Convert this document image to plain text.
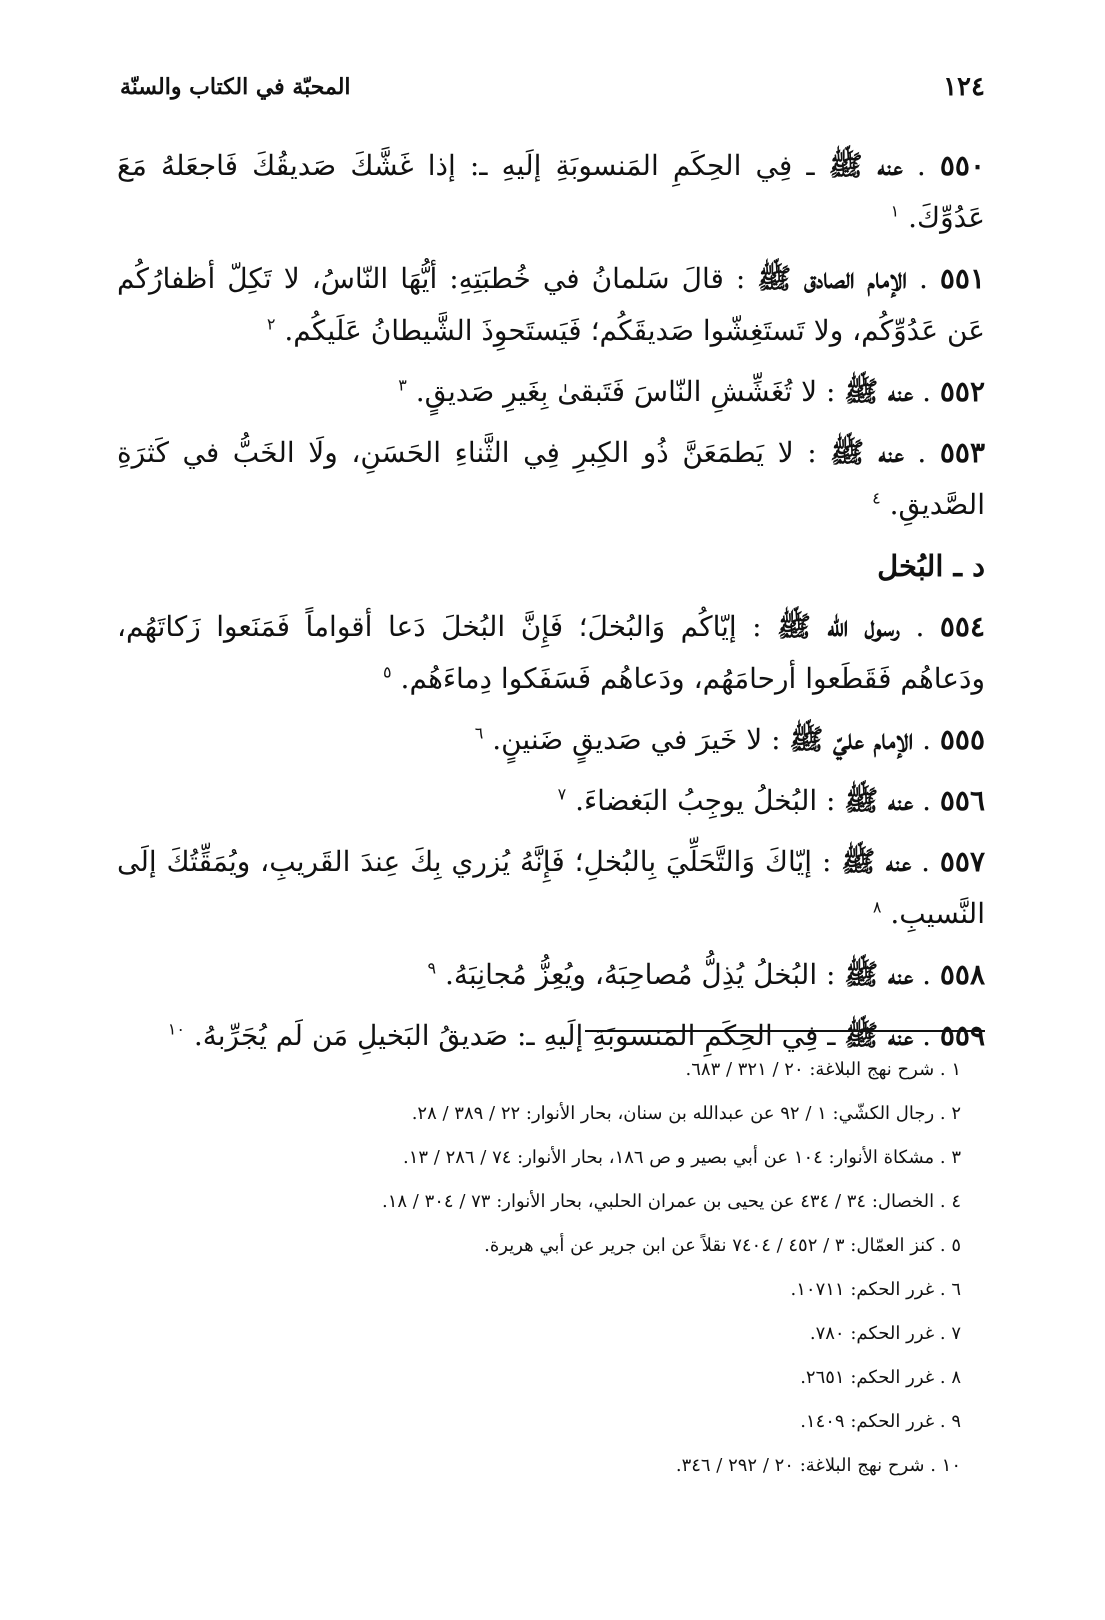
١٢٤
المحبّة في الكتاب والسنّة

٥٥٠ . عنه ﷺ ـ فِي الحِكَمِ المَنسوبَةِ إلَيهِ ـ: إذا غَشَّكَ صَديقُكَ فَاجعَلهُ مَعَ عَدُوِّكَ. $^١$

٥٥١ . الإمام الصادق ﷺ : قالَ سَلمانُ في خُطبَتِهِ: أيُّهَا النّاسُ، لا تَكِلّ أظفارُكُم عَن عَدُوِّكُم، ولا تَستَغِشّوا صَديقَكُم؛ فَيَستَحوِذَ الشَّيطانُ عَلَيكُم. $^٢$

٥٥٢ . عنه ﷺ : لا تُغَشِّشِ النّاسَ فَتَبقىٰ بِغَيرِ صَديقٍ. $^٣$

٥٥٣ . عنه ﷺ : لا يَطمَعَنَّ ذُو الكِبرِ فِي الثَّناءِ الحَسَنِ، ولَا الخَبُّ في كَثرَةِ الصَّديقِ. $^٤$

د ـ البُخل

٥٥٤ . رسول الله ﷺ : إيّاكُم وَالبُخلَ؛ فَإِنَّ البُخلَ دَعا أقواماً فَمَنَعوا زَكاتَهُم، ودَعاهُم فَقَطَعوا أرحامَهُم، ودَعاهُم فَسَفَكوا دِماءَهُم. $^٥$

٥٥٥ . الإمام عليّ ﷺ : لا خَيرَ في صَديقٍ ضَنينٍ. $^٦$

٥٥٦ . عنه ﷺ : البُخلُ يوجِبُ البَغضاءَ. $^٧$

٥٥٧ . عنه ﷺ : إيّاكَ وَالتَّحَلِّيَ بِالبُخلِ؛ فَإِنَّهُ يُزري بِكَ عِندَ القَريبِ، ويُمَقِّتُكَ إلَى النَّسيبِ. $^٨$

٥٥٨ . عنه ﷺ : البُخلُ يُذِلُّ مُصاحِبَهُ، ويُعِزُّ مُجانِبَهُ. $^٩$

٥٥٩ . عنه ﷺ ـ فِي الحِكَمِ المَنسوبَةِ إلَيهِ ـ: صَديقُ البَخيلِ مَن لَم يُجَرِّبهُ. $^{١٠}$

١ . شرح نهج البلاغة: ٢٠ / ٣٢١ / ٦٨٣.

٢ . رجال الكشّي: ١ / ٩٢ عن عبدالله بن سنان، بحار الأنوار: ٢٢ / ٣٨٩ / ٢٨.

٣ . مشكاة الأنوار: ١٠٤ عن أبي بصير و ص ١٨٦، بحار الأنوار: ٧٤ / ٢٨٦ / ١٣.

٤ . الخصال: ٣٤ / ٤٣٤ عن يحيى بن عمران الحلبي، بحار الأنوار: ٧٣ / ٣٠٤ / ١٨.

٥ . كنز العمّال: ٣ / ٤٥٢ / ٧٤٠٤ نقلاً عن ابن جرير عن أبي هريرة.

٦ . غرر الحكم: ١٠٧١١.

٧ . غرر الحكم: ٧٨٠.

٨ . غرر الحكم: ٢٦٥١.

٩ . غرر الحكم: ١٤٠٩.

١٠ . شرح نهج البلاغة: ٢٠ / ٢٩٢ / ٣٤٦.
